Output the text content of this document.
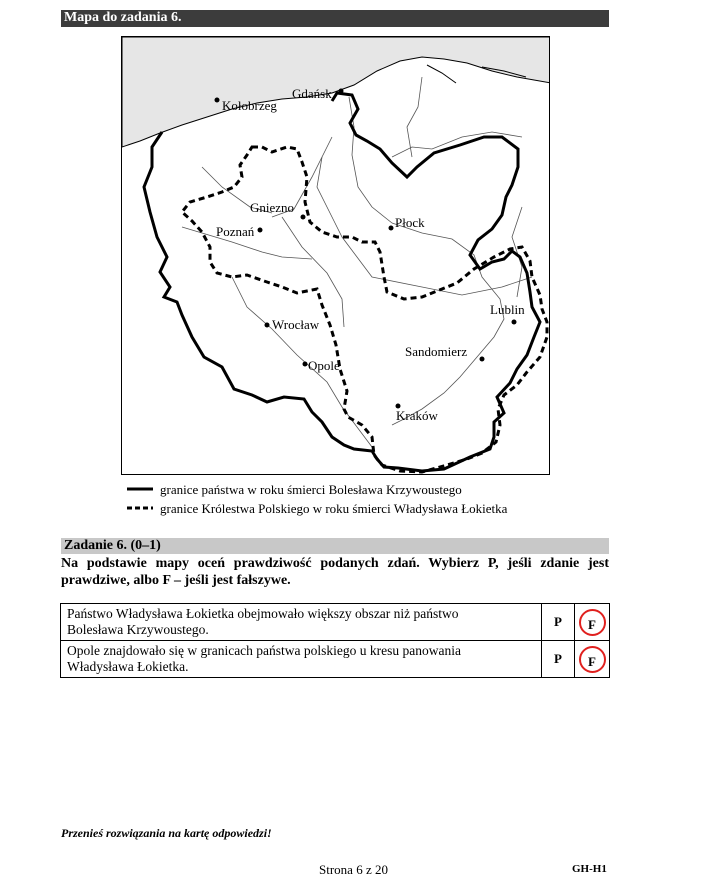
Mapa do zadania 6.
Kołobrzeg
Gdańsk
Gniezno
Poznań
Płock
Lublin
Wrocław
Sandomierz
Opole
Kraków
granice państwa w roku śmierci Bolesława Krzywoustego
granice Królestwa Polskiego w roku śmierci Władysława Łokietka
Zadanie 6. (0–1)
Na podstawie mapy oceń prawdziwość podanych zdań. Wybierz P, jeśli zdanie jest prawdziwe, albo F – jeśli jest fałszywe.
Państwo Władysława Łokietka obejmowało większy obszar niż państwo
Bolesława Krzywoustego.	P	F
Opole znajdowało się w granicach państwa polskiego u kresu panowania
Władysława Łokietka.	P	F
Przenieś rozwiązania na kartę odpowiedzi!
Strona 6 z 20	GH-H1
